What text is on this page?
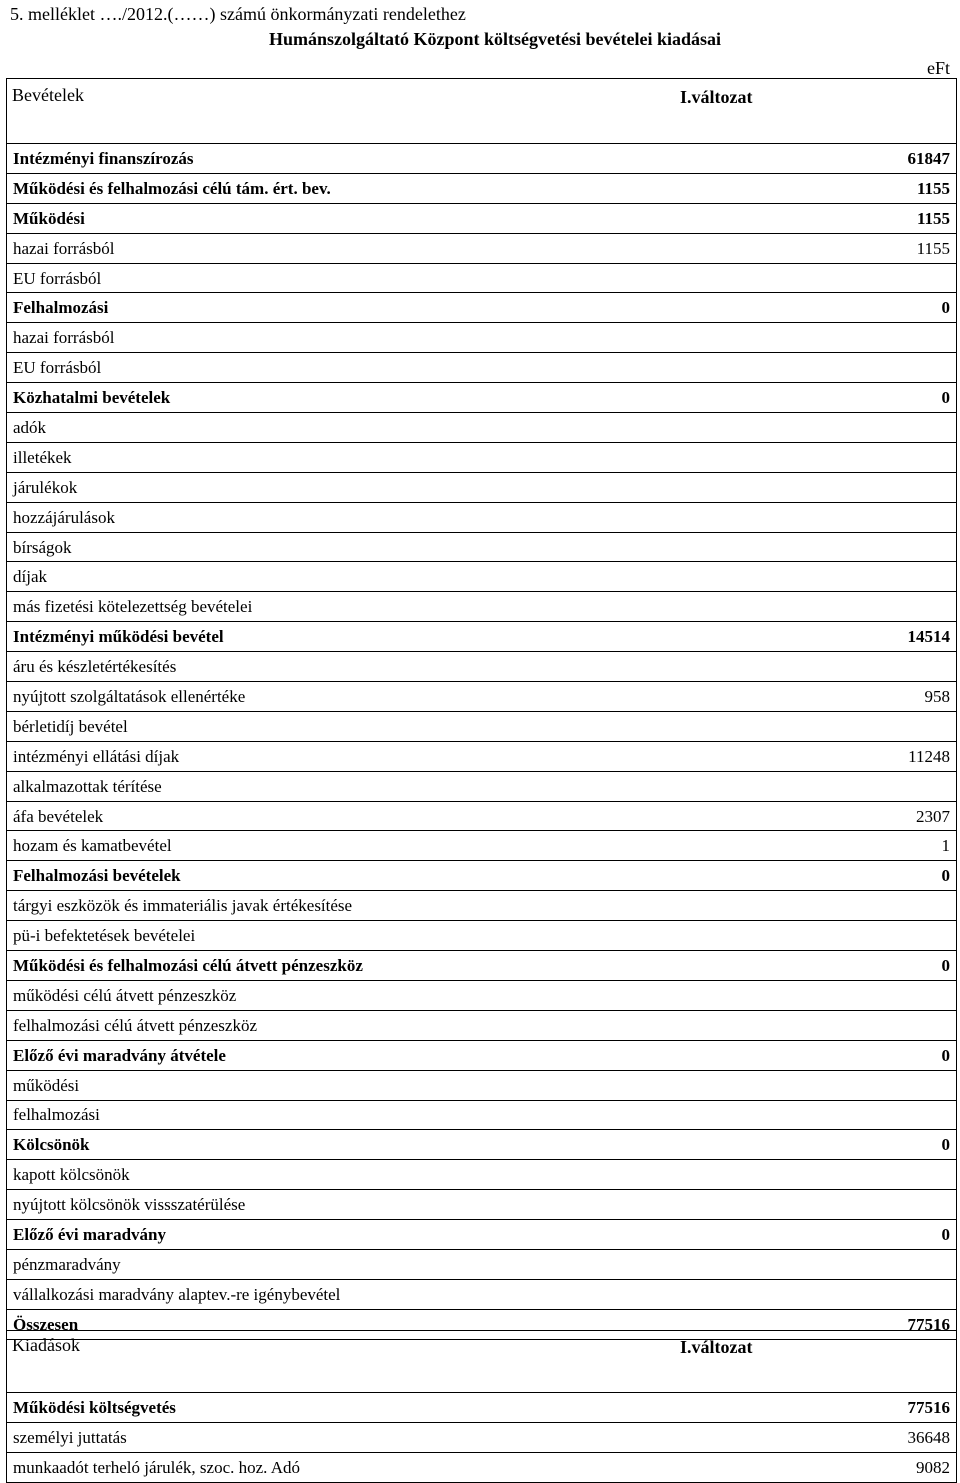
5. melléklet …./2012.(……) számú önkormányzati rendelethez
Humánszolgáltató Központ költségvetési bevételei kiadásai
eFt
Bevételek	I.változat
Intézményi finanszírozás	61847
Működési és felhalmozási célú tám. ért. bev.	1155
Működési	1155
hazai forrásból	1155
EU forrásból	
Felhalmozási	0
hazai forrásból	
EU forrásból	
Közhatalmi bevételek	0
adók	
illetékek	
járulékok	
hozzájárulások	
bírságok	
díjak	
más fizetési kötelezettség bevételei	
Intézményi működési bevétel	14514
áru és készletértékesítés	
nyújtott szolgáltatások ellenértéke	958
bérletidíj bevétel	
intézményi ellátási díjak	11248
alkalmazottak térítése	
áfa bevételek	2307
hozam és kamatbevétel	1
Felhalmozási bevételek	0
tárgyi eszközök és immateriális javak értékesítése	
pü-i befektetések bevételei	
Működési és felhalmozási célú átvett pénzeszköz	0
működési célú átvett pénzeszköz	
felhalmozási célú átvett pénzeszköz	
Előző évi maradvány átvétele	0
működési	
felhalmozási	
Kölcsönök	0
kapott kölcsönök	
nyújtott kölcsönök vissszatérülése	
Előző évi maradvány	0
pénzmaradvány	
vállalkozási maradvány alaptev.-re igénybevétel	
Összesen	77516
Kiadások	I.változat
Működési költségvetés	77516
személyi juttatás	36648
munkaadót terheló járulék, szoc. hoz. Adó	9082
